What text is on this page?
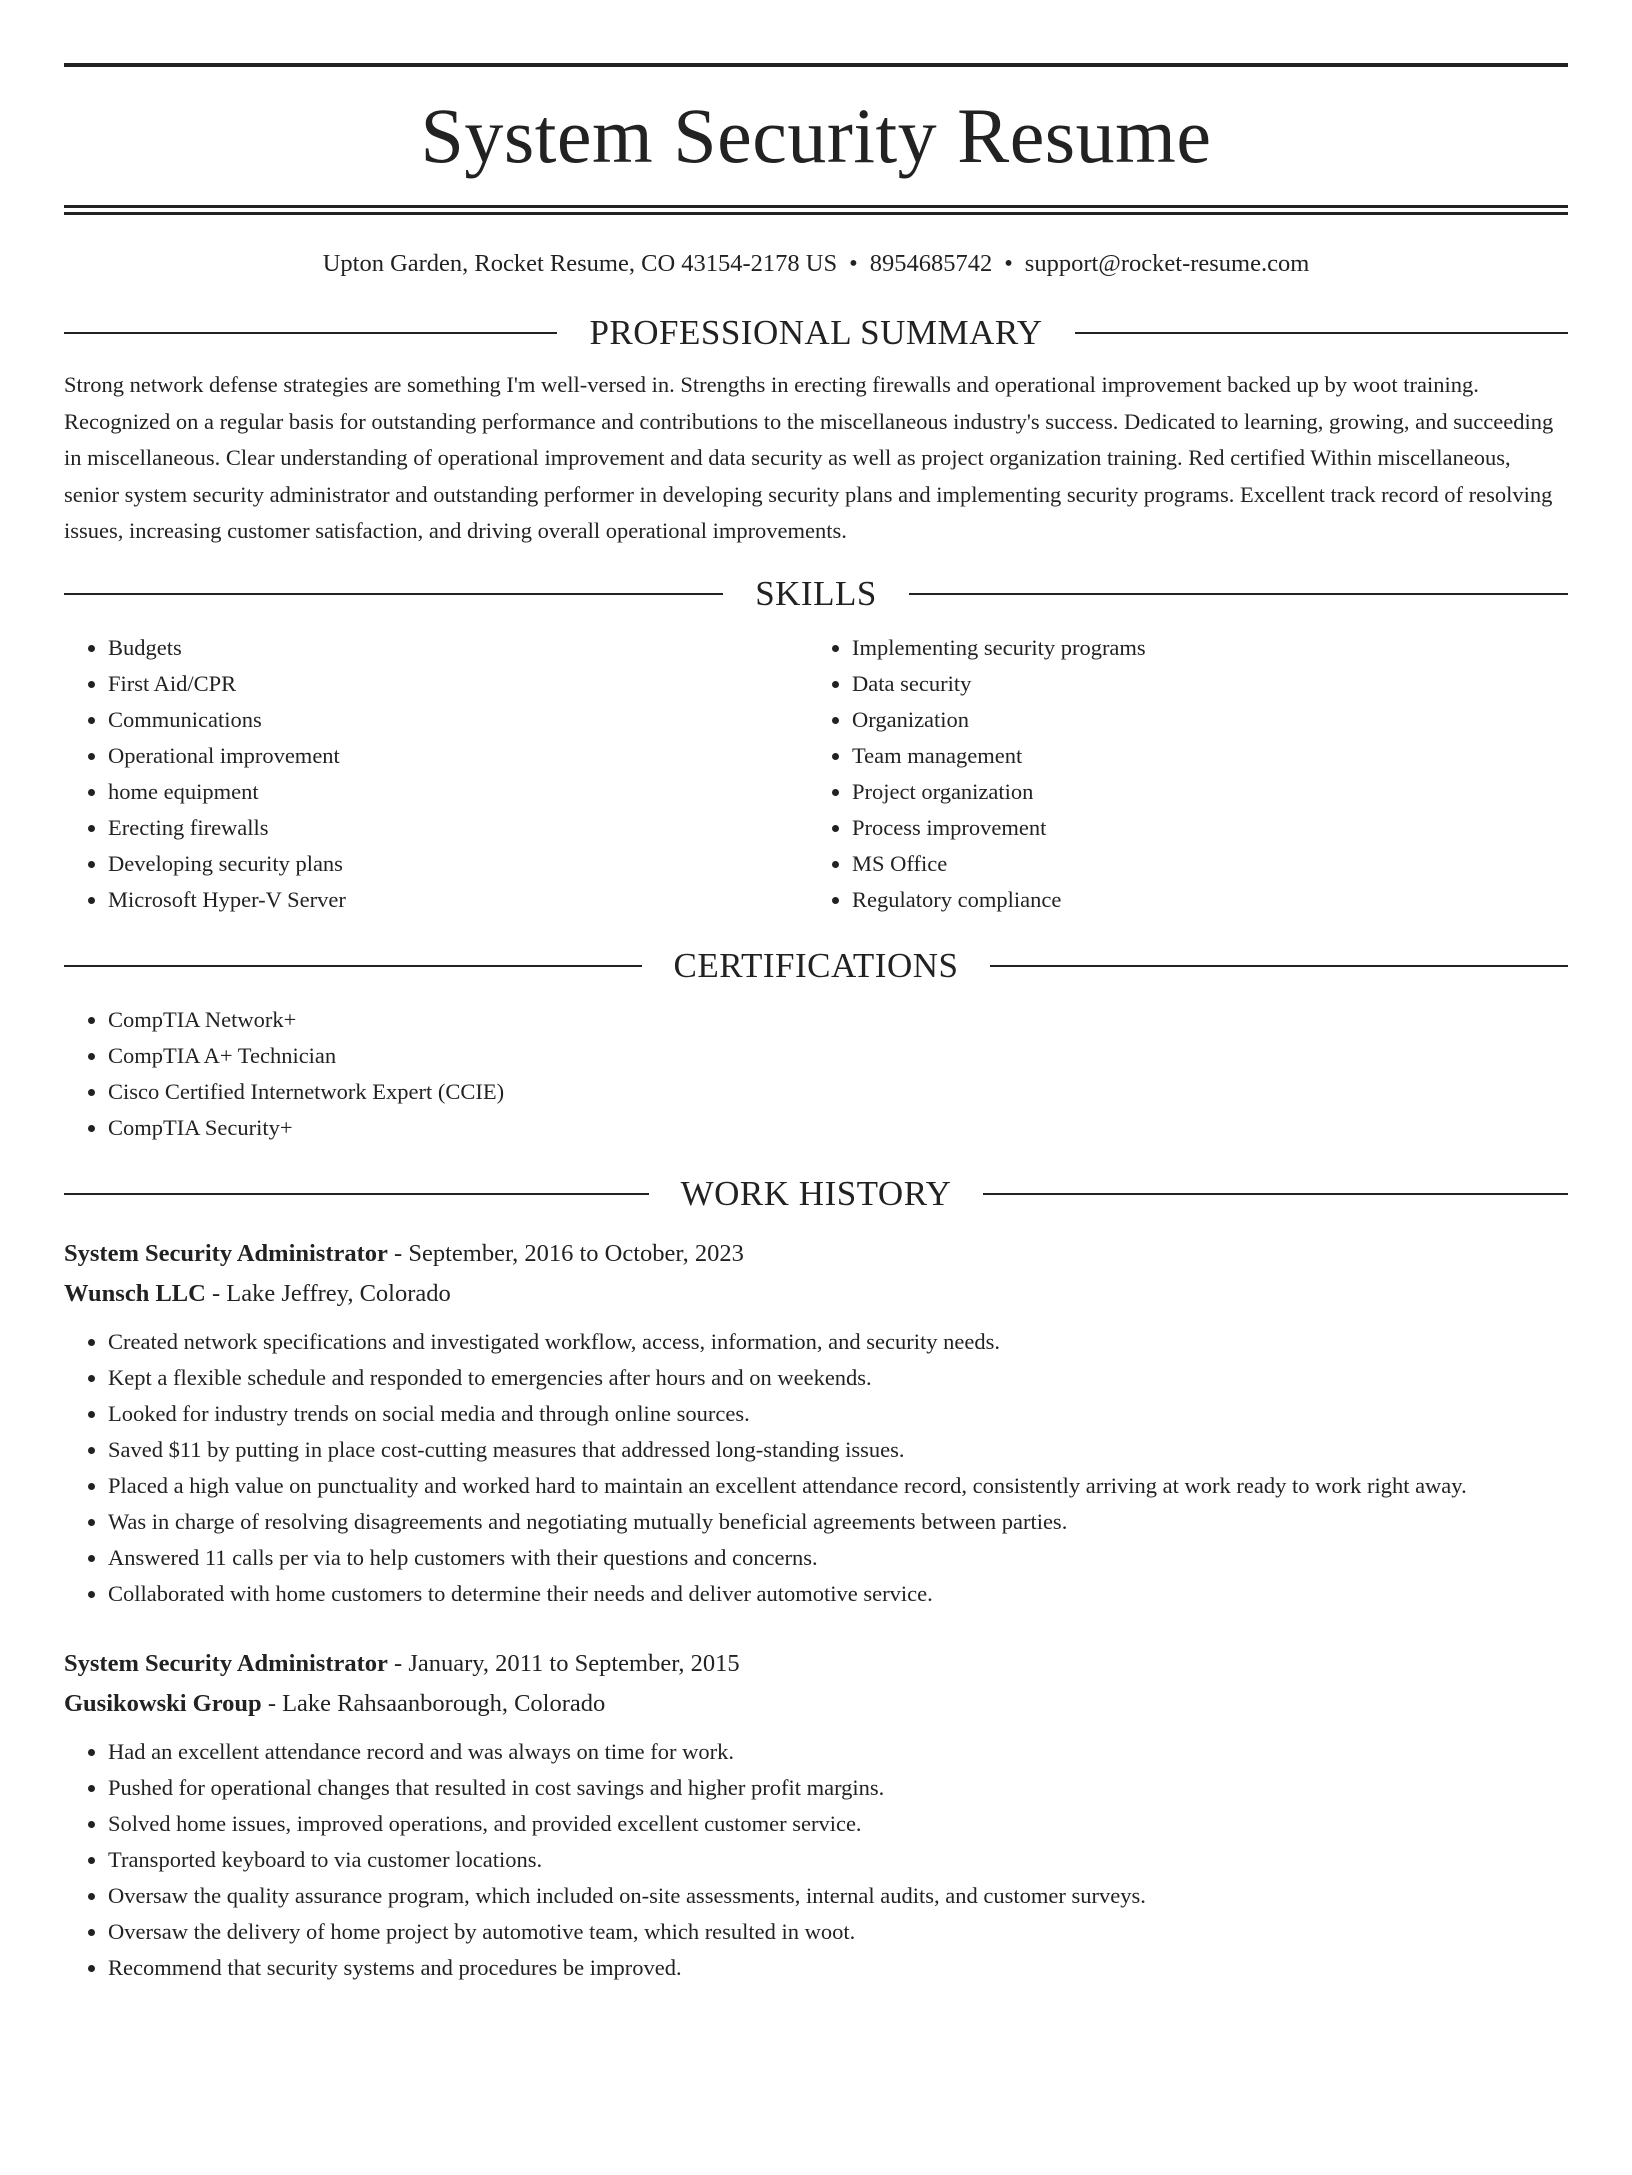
System Security Resume
Upton Garden, Rocket Resume, CO 43154-2178 US • 8954685742 • support@rocket-resume.com
PROFESSIONAL SUMMARY

Strong network defense strategies are something I'm well-versed in. Strengths in erecting firewalls and operational improvement backed up by woot training. Recognized on a regular basis for outstanding performance and contributions to the miscellaneous industry's success. Dedicated to learning, growing, and succeeding in miscellaneous. Clear understanding of operational improvement and data security as well as project organization training. Red certified Within miscellaneous, senior system security administrator and outstanding performer in developing security plans and implementing security programs. Excellent track record of resolving issues, increasing customer satisfaction, and driving overall operational improvements.

SKILLS
• Budgets
• First Aid/CPR
• Communications
• Operational improvement
• home equipment
• Erecting firewalls
• Developing security plans
• Microsoft Hyper-V Server
• Implementing security programs
• Data security
• Organization
• Team management
• Project organization
• Process improvement
• MS Office
• Regulatory compliance
CERTIFICATIONS
• CompTIA Network+
• CompTIA A+ Technician
• Cisco Certified Internetwork Expert (CCIE)
• CompTIA Security+
WORK HISTORY
System Security Administrator - September, 2016 to October, 2023
Wunsch LLC - Lake Jeffrey, Colorado
• Created network specifications and investigated workflow, access, information, and security needs.
• Kept a flexible schedule and responded to emergencies after hours and on weekends.
• Looked for industry trends on social media and through online sources.
• Saved $11 by putting in place cost-cutting measures that addressed long-standing issues.
• Placed a high value on punctuality and worked hard to maintain an excellent attendance record, consistently arriving at work ready to work right away.
• Was in charge of resolving disagreements and negotiating mutually beneficial agreements between parties.
• Answered 11 calls per via to help customers with their questions and concerns.
• Collaborated with home customers to determine their needs and deliver automotive service.
System Security Administrator - January, 2011 to September, 2015
Gusikowski Group - Lake Rahsaanborough, Colorado
• Had an excellent attendance record and was always on time for work.
• Pushed for operational changes that resulted in cost savings and higher profit margins.
• Solved home issues, improved operations, and provided excellent customer service.
• Transported keyboard to via customer locations.
• Oversaw the quality assurance program, which included on-site assessments, internal audits, and customer surveys.
• Oversaw the delivery of home project by automotive team, which resulted in woot.
• Recommend that security systems and procedures be improved.
